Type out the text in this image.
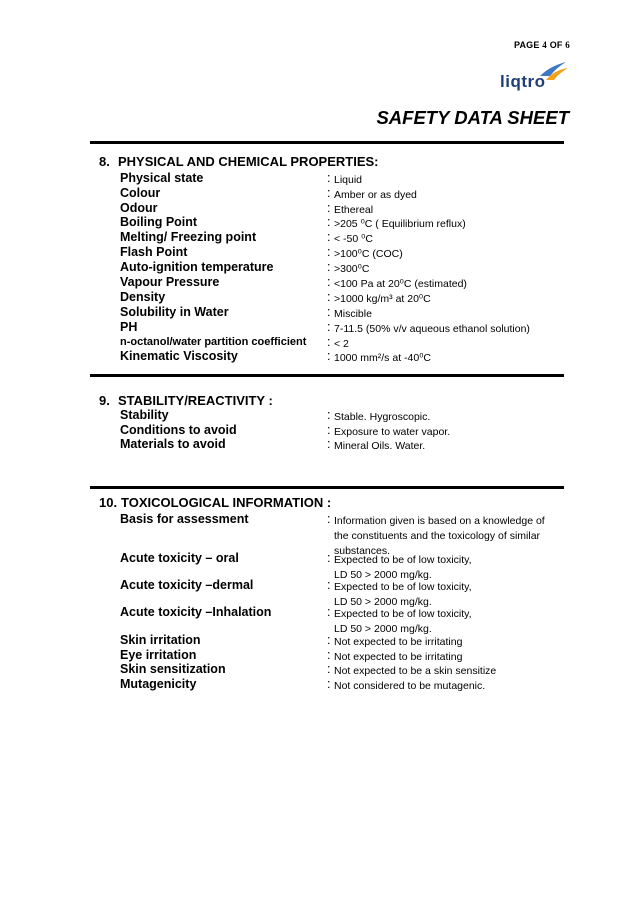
PAGE 4 OF 6
liqtro
SAFETY DATA SHEET
8. PHYSICAL AND CHEMICAL PROPERTIES:
Physical state	: Liquid
Colour	: Amber or as dyed
Odour	: Ethereal
Boiling Point	: >205 ⁰C ( Equilibrium reflux)
Melting/ Freezing point	: < -50 ⁰C
Flash Point	: >100⁰C (COC)
Auto-ignition temperature	: >300⁰C
Vapour Pressure	: <100 Pa at 20⁰C (estimated)
Density	: >1000 kg/m³ at 20⁰C
Solubility in Water	: Miscible
PH	: 7-11.5 (50% v/v aqueous ethanol solution)
n-octanol/water partition coefficient : < 2
Kinematic Viscosity	: 1000 mm²/s at -40⁰C
9. STABILITY/REACTIVITY :
Stability	: Stable. Hygroscopic.
Conditions to avoid	: Exposure to water vapor.
Materials to avoid	: Mineral Oils. Water.
10. TOXICOLOGICAL INFORMATION :
Basis for assessment	: Information given is based on a knowledge of
the constituents and the toxicology of similar
substances.
Acute toxicity – oral	: Expected to be of low toxicity,
LD 50 > 2000 mg/kg.
Acute toxicity –dermal	: Expected to be of low toxicity,
LD 50 > 2000 mg/kg.
Acute toxicity –Inhalation	: Expected to be of low toxicity,
LD 50 > 2000 mg/kg.
Skin irritation	: Not expected to be irritating
Eye irritation	: Not expected to be irritating
Skin sensitization	: Not expected to be a skin sensitize
Mutagenicity	: Not considered to be mutagenic.
